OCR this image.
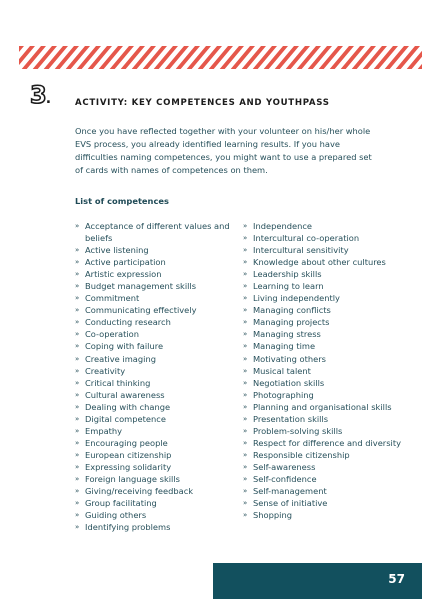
3.	ACTIVITY: KEY COMPETENCES AND YOUTHPASS

Once you have reflected together with your volunteer on his/her whole EVS process, you already identified learning results. If you have difficulties naming competences, you might want to use a prepared set of cards with names of competences on them.

List of competences
» Acceptance of different values and beliefs
» Active listening
» Active participation
» Artistic expression
» Budget management skills
» Commitment
» Communicating effectively
» Conducting research
» Co-operation
» Coping with failure
» Creative imaging
» Creativity
» Critical thinking
» Cultural awareness
» Dealing with change
» Digital competence
» Empathy
» Encouraging people
» European citizenship
» Expressing solidarity
» Foreign language skills
» Giving/receiving feedback
» Group facilitating
» Guiding others
» Identifying problems
» Independence
» Intercultural co-operation
» Intercultural sensitivity
» Knowledge about other cultures
» Leadership skills
» Learning to learn
» Living independently
» Managing conflicts
» Managing projects
» Managing stress
» Managing time
» Motivating others
» Musical talent
» Negotiation skills
» Photographing
» Planning and organisational skills
» Presentation skills
» Problem-solving skills
» Respect for difference and diversity
» Responsible citizenship
» Self-awareness
» Self-confidence
» Self-management
» Sense of initiative
» Shopping
57
